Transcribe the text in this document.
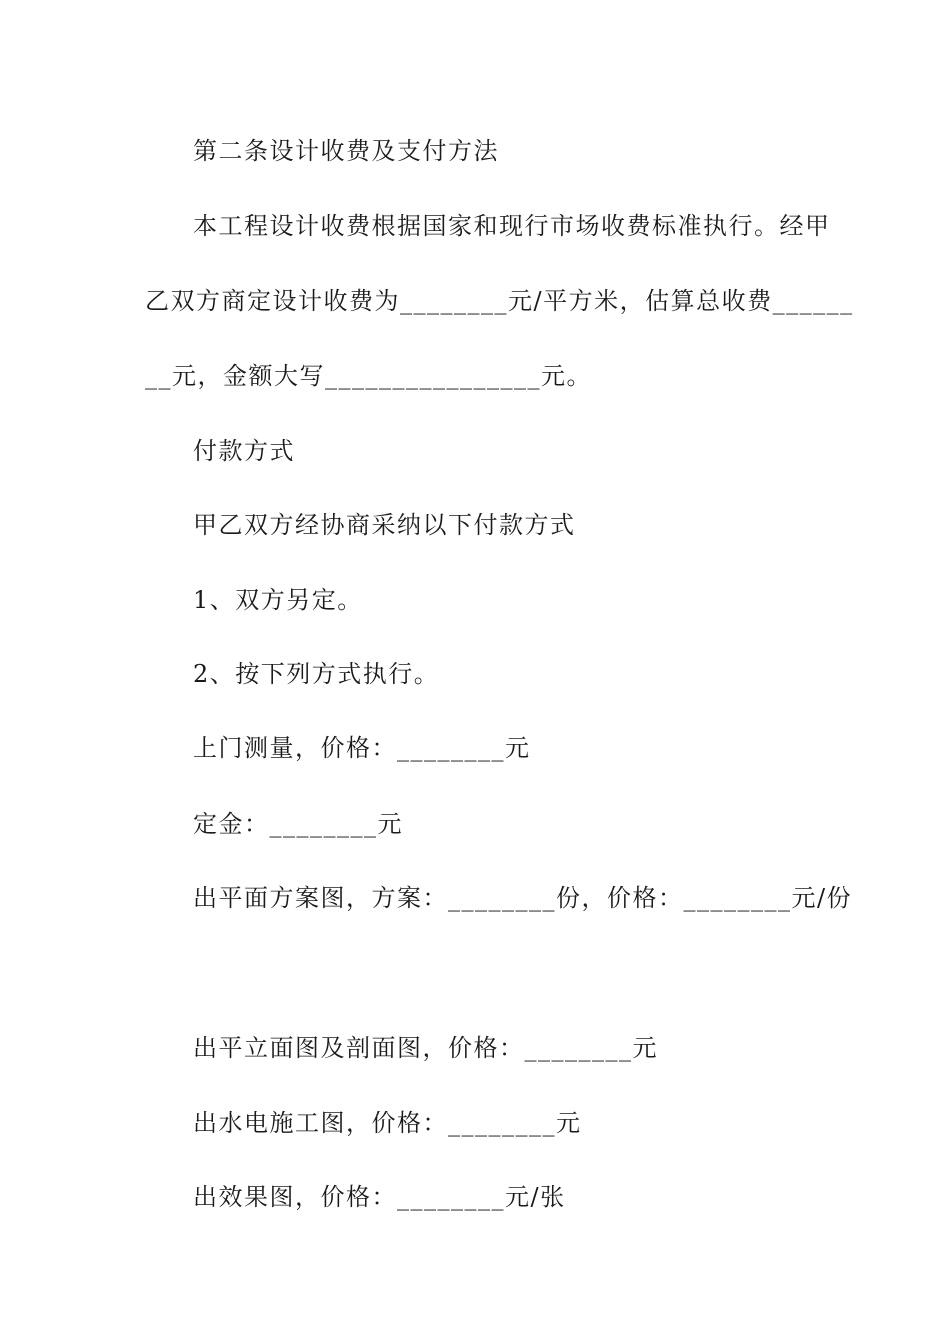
第二条设计收费及支付方法
本工程设计收费根据国家和现行市场收费标准执行。经甲
乙双方商定设计收费为________元/平方米，估算总收费______
__元，金额大写________________元。
付款方式
甲乙双方经协商采纳以下付款方式
1、双方另定。
2、按下列方式执行。
上门测量，价格：________元
定金：________元
出平面方案图，方案：________份，价格：________元/份
出平立面图及剖面图，价格：________元
出水电施工图，价格：________元
出效果图，价格：________元/张
